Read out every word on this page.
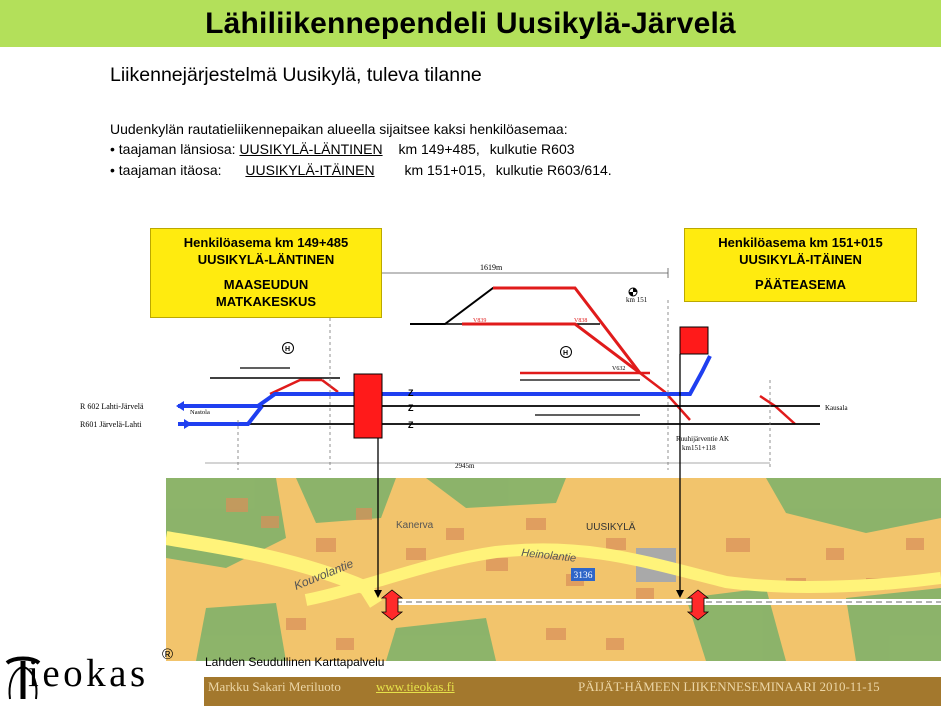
Lähiliikennependeli Uusikylä-Järvelä
Liikennejärjestelmä Uusikylä, tuleva tilanne
Uudenkylän rautatieliikennepaikan alueella sijaitsee kaksi henkilöasemaa:
• taajaman länsiosa: UUSIKYLÄ-LÄNTINEN km 149+485, kulkutie R603
• taajaman itäosa: UUSIKYLÄ-ITÄINEN km 151+015, kulkutie R603/614.
3136
Kouvolantie
Heinolantie
Kanerva	UUSIKYLÄ
1619m
km 151
V838
V839
V632
R 602 Lahti-Järvelä
R601 Järvelä-Lahti
Nastola
Kausala
Ruuhijärventie AK
km151+118
2945m
Z
Z
Z
H
H
Henkilöasema km 149+485
UUSIKYLÄ-LÄNTINEN
MAASEUDUN
MATKAKESKUS
Henkilöasema km 151+015
UUSIKYLÄ-ITÄINEN
PÄÄTEASEMA
Lahden Seudullinen Karttapalvelu
Markku Sakari Meriluoto	www.tieokas.fi	PÄIJÄT-HÄMEEN LIIKENNESEMINAARI 2010-11-15
ieokas ®
